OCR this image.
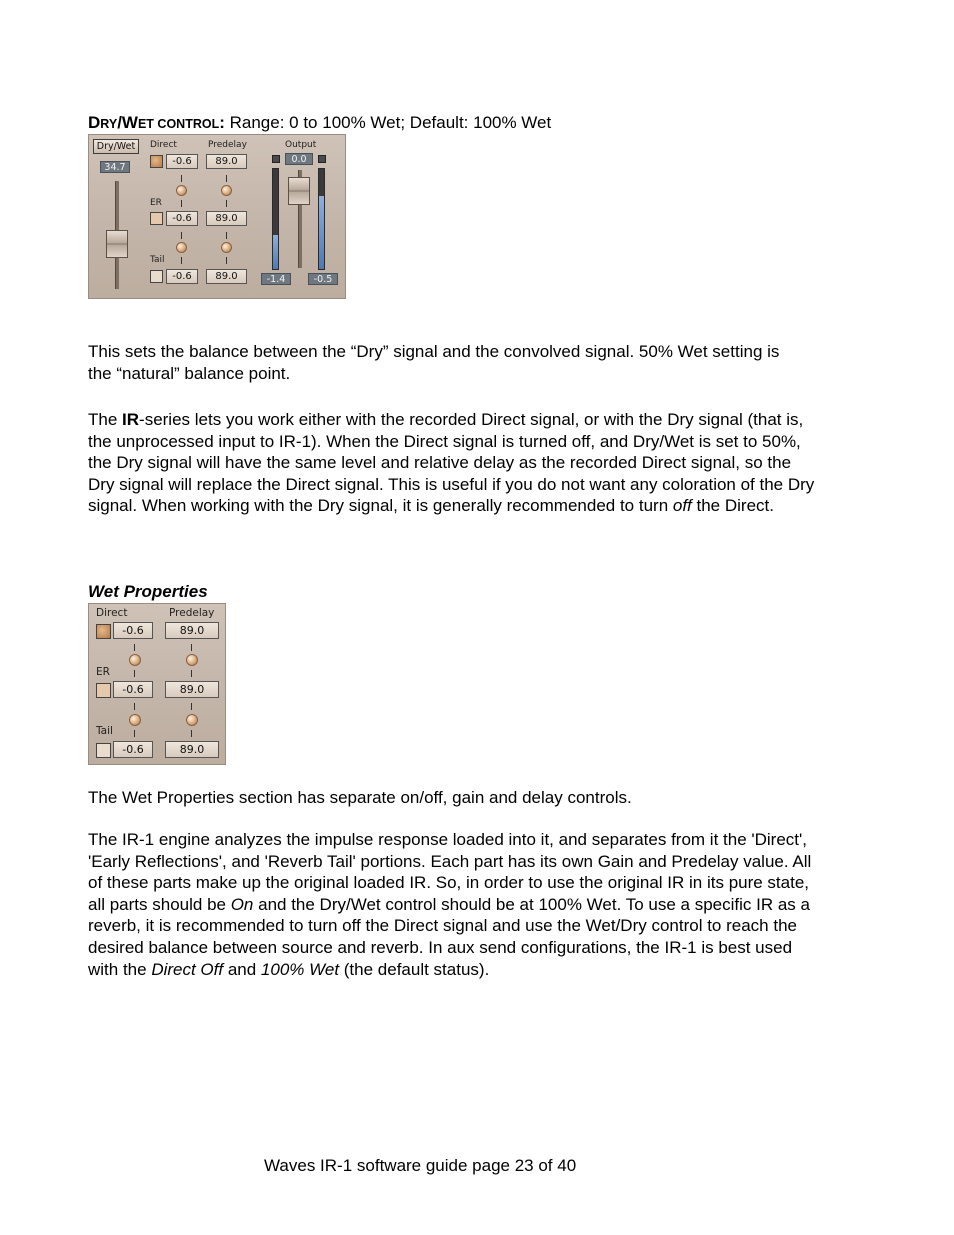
DRY/WET CONTROL: Range: 0 to 100% Wet; Default: 100% Wet
Dry/Wet
34.7
Direct	Predelay	Output
-0.6	89.0
ER
-0.6	89.0
Tail
-0.6	89.0
0.0
-1.4	-0.5

This sets the balance between the “Dry” signal and the convolved signal. 50% Wet setting is the “natural” balance point.

The IR-series lets you work either with the recorded Direct signal, or with the Dry signal (that is, the unprocessed input to IR-1). When the Direct signal is turned off, and Dry/Wet is set to 50%, the Dry signal will have the same level and relative delay as the recorded Direct signal, so the Dry signal will replace the Direct signal. This is useful if you do not want any coloration of the Dry signal. When working with the Dry signal, it is generally recommended to turn off the Direct.

Wet Properties
Direct	Predelay
-0.6	89.0
ER
-0.6	89.0
Tail
-0.6	89.0

The Wet Properties section has separate on/off, gain and delay controls.

The IR-1 engine analyzes the impulse response loaded into it, and separates from it the 'Direct', 'Early Reflections', and 'Reverb Tail' portions. Each part has its own Gain and Predelay value. All of these parts make up the original loaded IR. So, in order to use the original IR in its pure state, all parts should be On and the Dry/Wet control should be at 100% Wet. To use a specific IR as a reverb, it is recommended to turn off the Direct signal and use the Wet/Dry control to reach the desired balance between source and reverb. In aux send configurations, the IR-1 is best used with the Direct Off and 100% Wet (the default status).

Waves IR-1 software guide page 23 of 40
